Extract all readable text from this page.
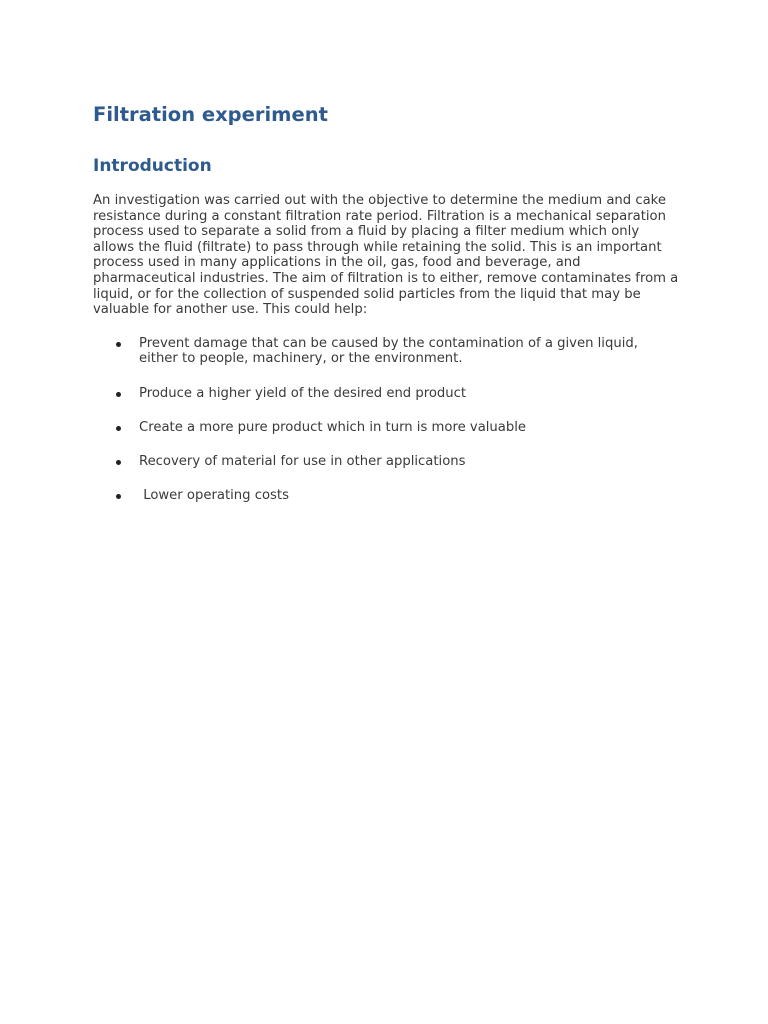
Filtration experiment
Introduction

An investigation was carried out with the objective to determine the medium and cake resistance during a constant filtration rate period. Filtration is a mechanical separation process used to separate a solid from a fluid by placing a filter medium which only allows the fluid (filtrate) to pass through while retaining the solid. This is an important process used in many applications in the oil, gas, food and beverage, and pharmaceutical industries. The aim of filtration is to either, remove contaminates from a liquid, or for the collection of suspended solid particles from the liquid that may be valuable for another use. This could help:

Prevent damage that can be caused by the contamination of a given liquid, either to people, machinery, or the environment.
Produce a higher yield of the desired end product
Create a more pure product which in turn is more valuable
Recovery of material for use in other applications
Lower operating costs
